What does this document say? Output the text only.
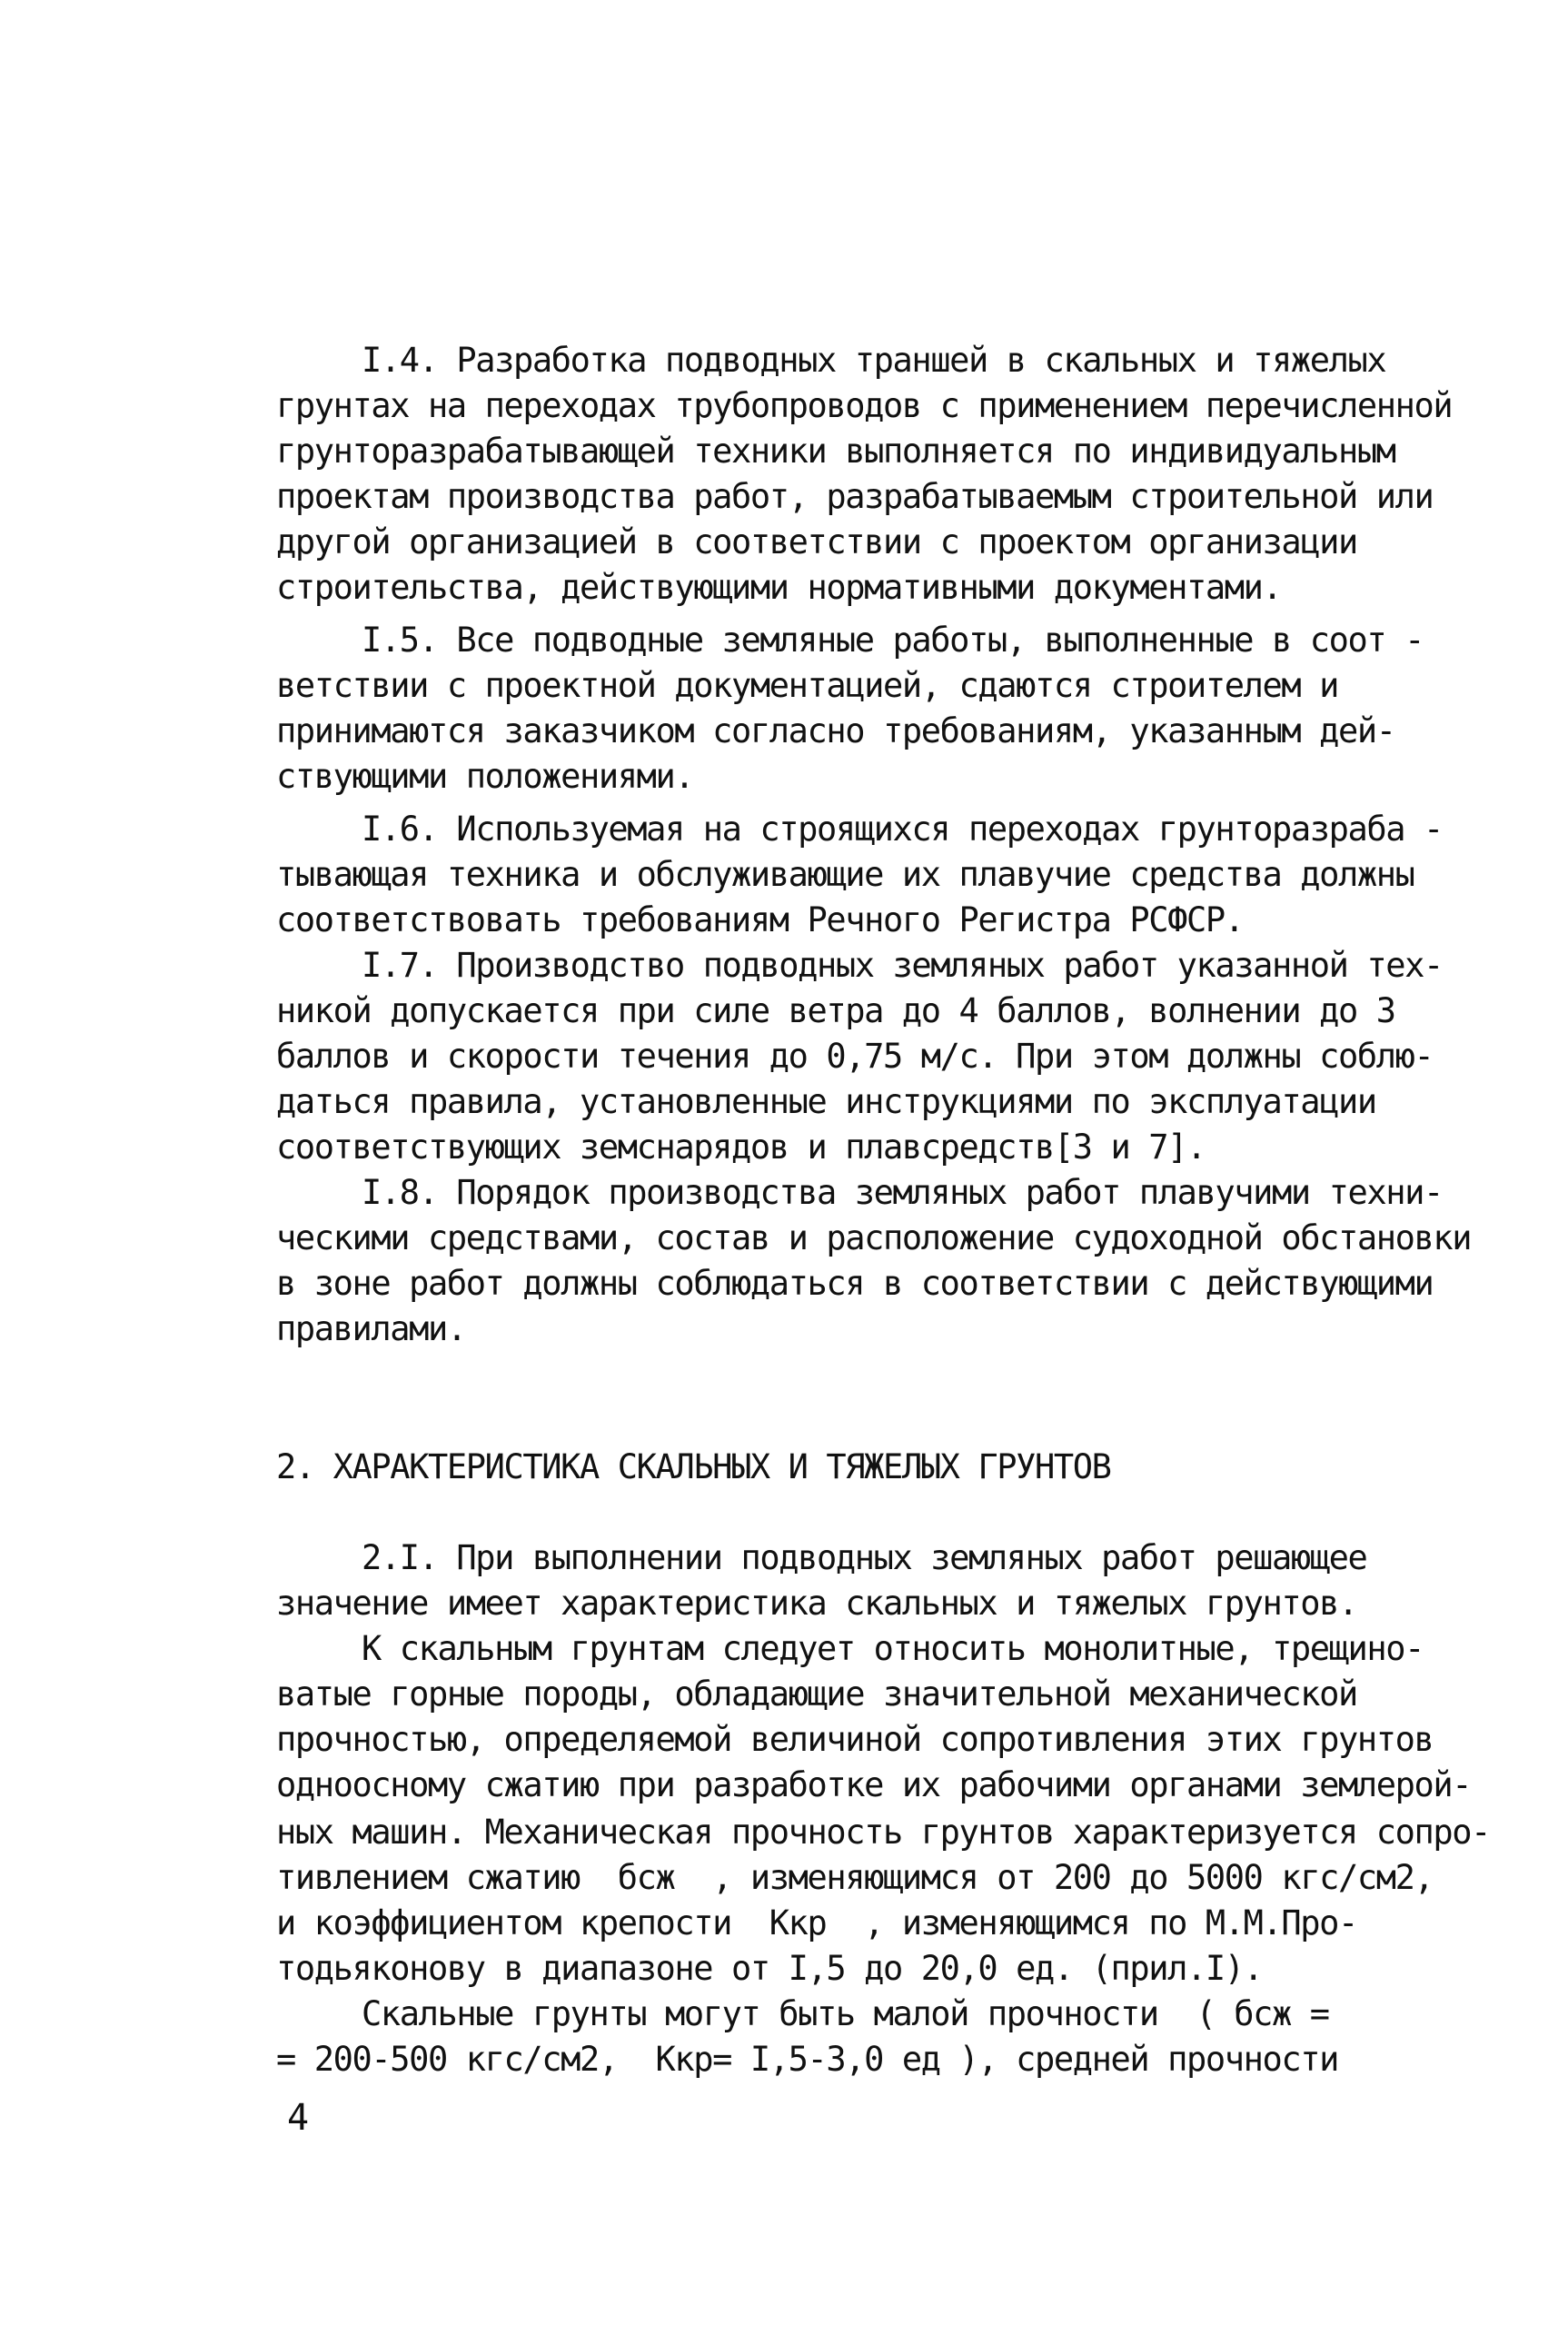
I.4. Разработка подводных траншей в скальных и тяжелых
грунтах на переходах трубопроводов с применением перечисленной
грунторазрабатывающей техники выполняется по индивидуальным
проектам производства работ, разрабатываемым строительной или
другой организацией в соответствии с проектом организации
строительства, действующими нормативными документами.
I.5. Все подводные земляные работы, выполненные в соот -
ветствии с проектной документацией, сдаются строителем и
принимаются заказчиком согласно требованиям, указанным дей-
ствующими положениями.
I.6. Используемая на строящихся переходах грунтоpазраба -
тывающая техника и обслуживающие их плавучие средства должны
соответствовать требованиям Речного Регистра РСФСР.
I.7. Производство подводных земляных работ указанной тех-
никой допускается при силе ветра до 4 баллов, волнении до 3
баллов и скорости течения до 0,75 м/с. При этом должны соблю-
даться правила, установленные инструкциями по эксплуатации
соответствующих земснарядов и плавсредств[3 и 7].
I.8. Порядок производства земляных работ плавучими техни-
ческими средствами, состав и расположение судоходной обстановки
в зоне работ должны соблюдаться в соответствии с действующими
правилами.
2. ХАРАКТЕРИСТИКА СКАЛЬНЫХ И ТЯЖЕЛЫХ ГРУНТОВ
2.I. При выполнении подводных земляных работ решающее
значение имеет характеристика скальных и тяжелых грунтов.
К скальным грунтам следует относить монолитные, трещино-
ватые горные породы, обладающие значительной механической
прочностью, определяемой величиной сопротивления этих грунтов
одноосному сжатию при разработке их рабочими органами землерой-
ных машин. Механическая прочность грунтов характеризуется сопро-
тивлением сжатию  бсж  , изменяющимся от 200 до 5000 кгс/см2,
и коэффициентом крепости  Ккр  , изменяющимся по М.М.Про-
тодьяконову в диапазоне от I,5 до 20,0 ед. (прил.I).
Скальные грунты могут быть малой прочности  ( бсж =
= 200-500 кгс/см2,  Ккр= I,5-3,0 ед ), средней прочности
4
